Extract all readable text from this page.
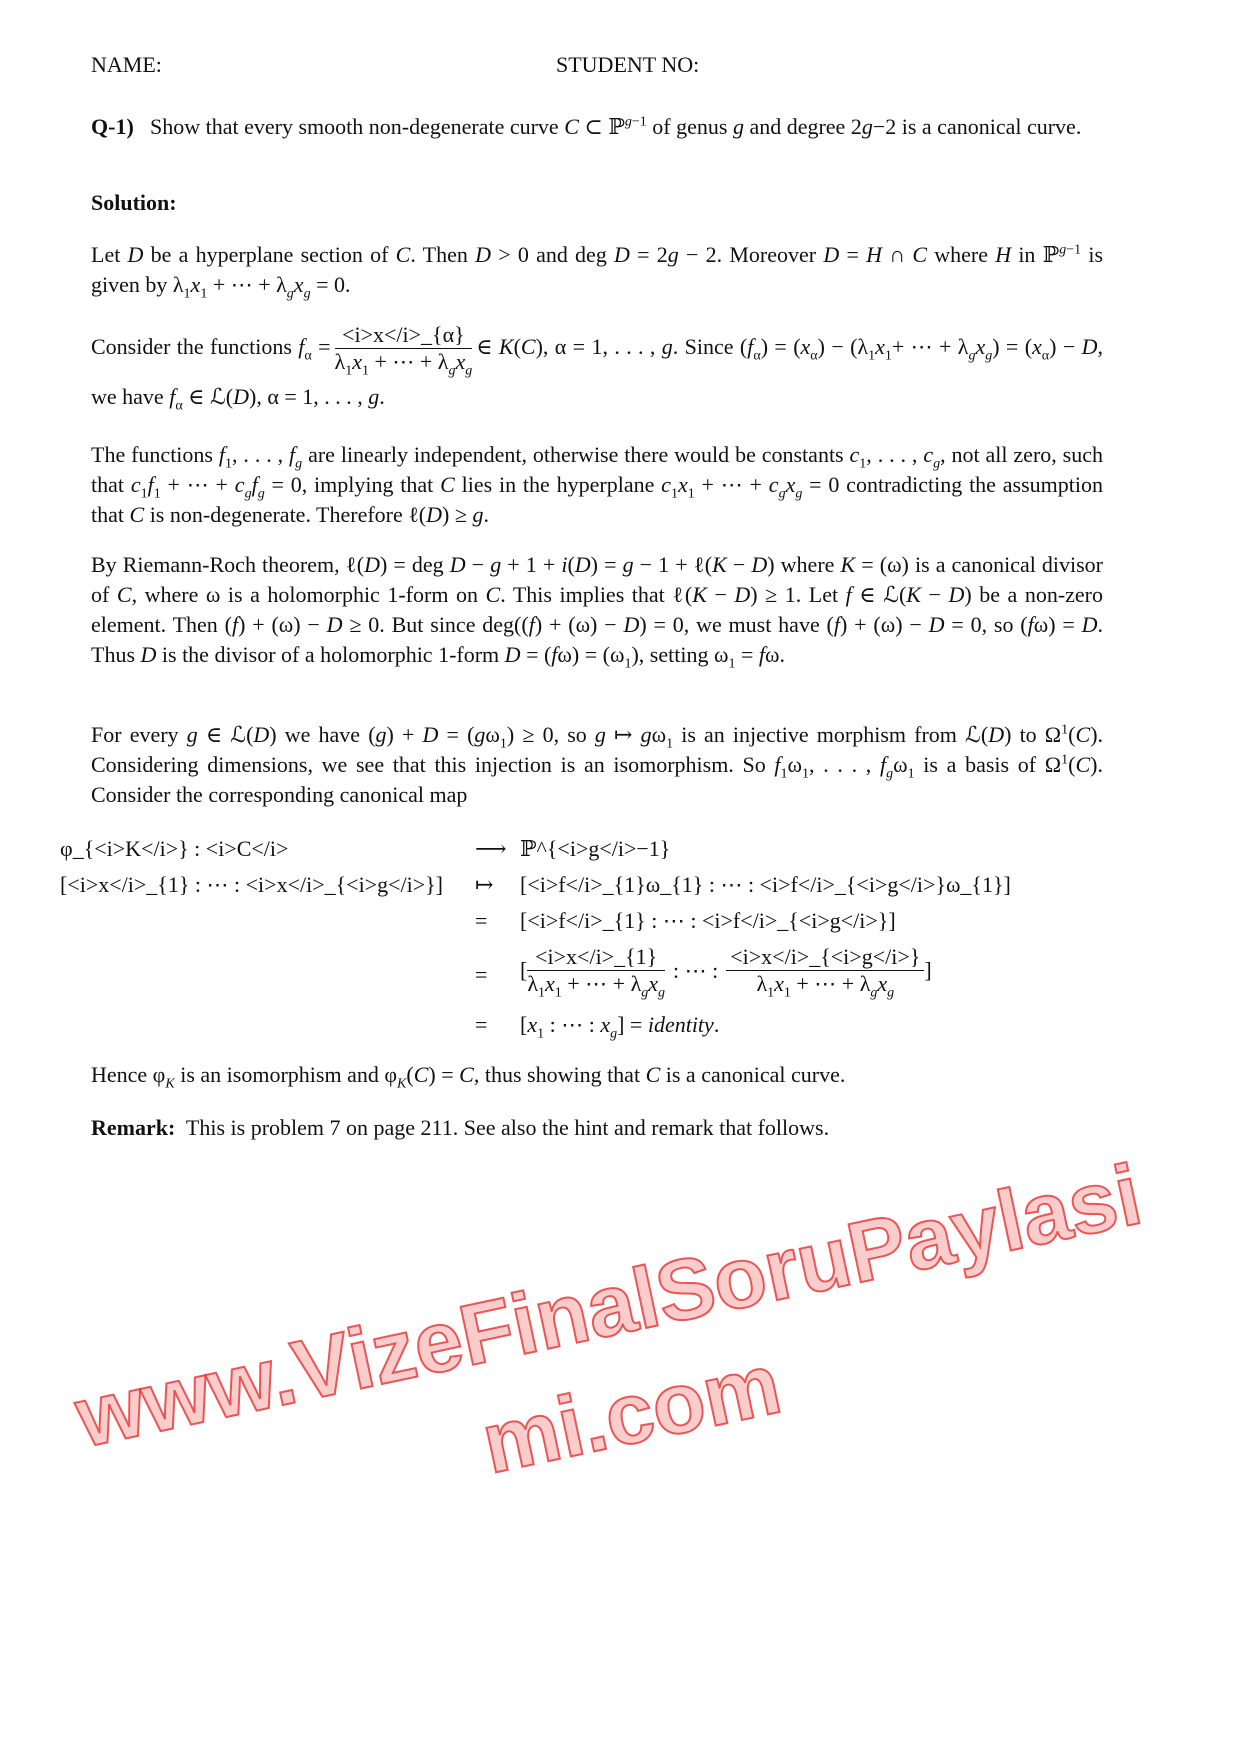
NAME:	STUDENT NO:
Q-1) Show that every smooth non-degenerate curve C ⊂ ℙ$^{g-1}$ of genus g and degree 2g−2 is a canonical curve.
Solution:
Let D be a hyperplane section of C. Then D > 0 and deg D = 2g − 2. Moreover D = H ∩ C where H in ℙ$^{g-1}$ is given by $\lambda_1x_1$ + ⋯ + $\lambda_gx_g = 0$.
Consider the functions $f_\alpha = \frac{<i>x</i>\_\{\alpha\}}{\lambda_1x_1 + \cdots + \lambda_gx_g}$ ∈ K(C), α = 1, . . . , g. Since $(f_\alpha) = (x_\alpha) - (\lambda_1x_1+$ ⋯ + $\lambda_gx_g) = (x_\alpha) - D$, we have $f_\alpha$ ∈ ℒ(D), α = 1, . . . , g.
The functions $f_1$, . . . , $f_g$ are linearly independent, otherwise there would be constants $c_1$, . . . , $c_g$, not all zero, such that $c_1f_1$ + ⋯ + $c_gf_g = 0$, implying that C lies in the hyperplane $c_1x_1$ + ⋯ + $c_gx_g = 0$ contradicting the assumption that C is non-degenerate. Therefore ℓ(D) ≥ g.
By Riemann-Roch theorem, ℓ(D) = deg D − g + 1 + i(D) = g − 1 + ℓ(K − D) where K = (ω) is a canonical divisor of C, where ω is a holomorphic 1-form on C. This implies that ℓ(K − D) ≥ 1. Let f ∈ ℒ(K − D) be a non-zero element. Then (f) + (ω) − D ≥ 0. But since deg((f) + (ω) − D) = 0, we must have (f) + (ω) − D = 0, so (fω) = D. Thus D is the divisor of a holomorphic 1-form $D = (f\omega) = (\omega_1)$, setting $\omega_1 = f\omega$.
For every g ∈ ℒ(D) we have $(g) + D = (g\omega_1) \ge 0$, so g ↦ $g\omega_1$ is an injective morphism from ℒ(D) to $\Omega^1(C)$. Considering dimensions, we see that this injection is an isomorphism. So $f_1\omega_1$, . . . , $f_g\omega_1$ is a basis of $\Omega^1(C)$. Consider the corresponding canonical map
φ_{<i>K</i>} : <i>C</i>	⟶ ℙ^{<i>g</i>−1}
[<i>x</i>_{1} : ⋯ : <i>x</i>_{<i>g</i>}] ↦ [<i>f</i>_{1}ω_{1} : ⋯ : <i>f</i>_{<i>g</i>}ω_{1}]
= [<i>f</i>_{1} : ⋯ : <i>f</i>_{<i>g</i>}]
= [ $\frac{<i>x</i>\_\{1\}}{\lambda_1x_1 + \cdots + \lambda_gx_g}$ : ⋯ : $\frac{<i>x</i>\_\{<i>g</i>\}}{\lambda_1x_1 + \cdots + \lambda_gx_g}$ ]
= [$x_1$ : ⋯ : $x_g$] = identity.
Hence $\varphi_K$ is an isomorphism and $\varphi_K(C) = C$, thus showing that C is a canonical curve.
Remark: This is problem 7 on page 211. See also the hint and remark that follows.
www.VizeFinalSoruPaylasimi.com
